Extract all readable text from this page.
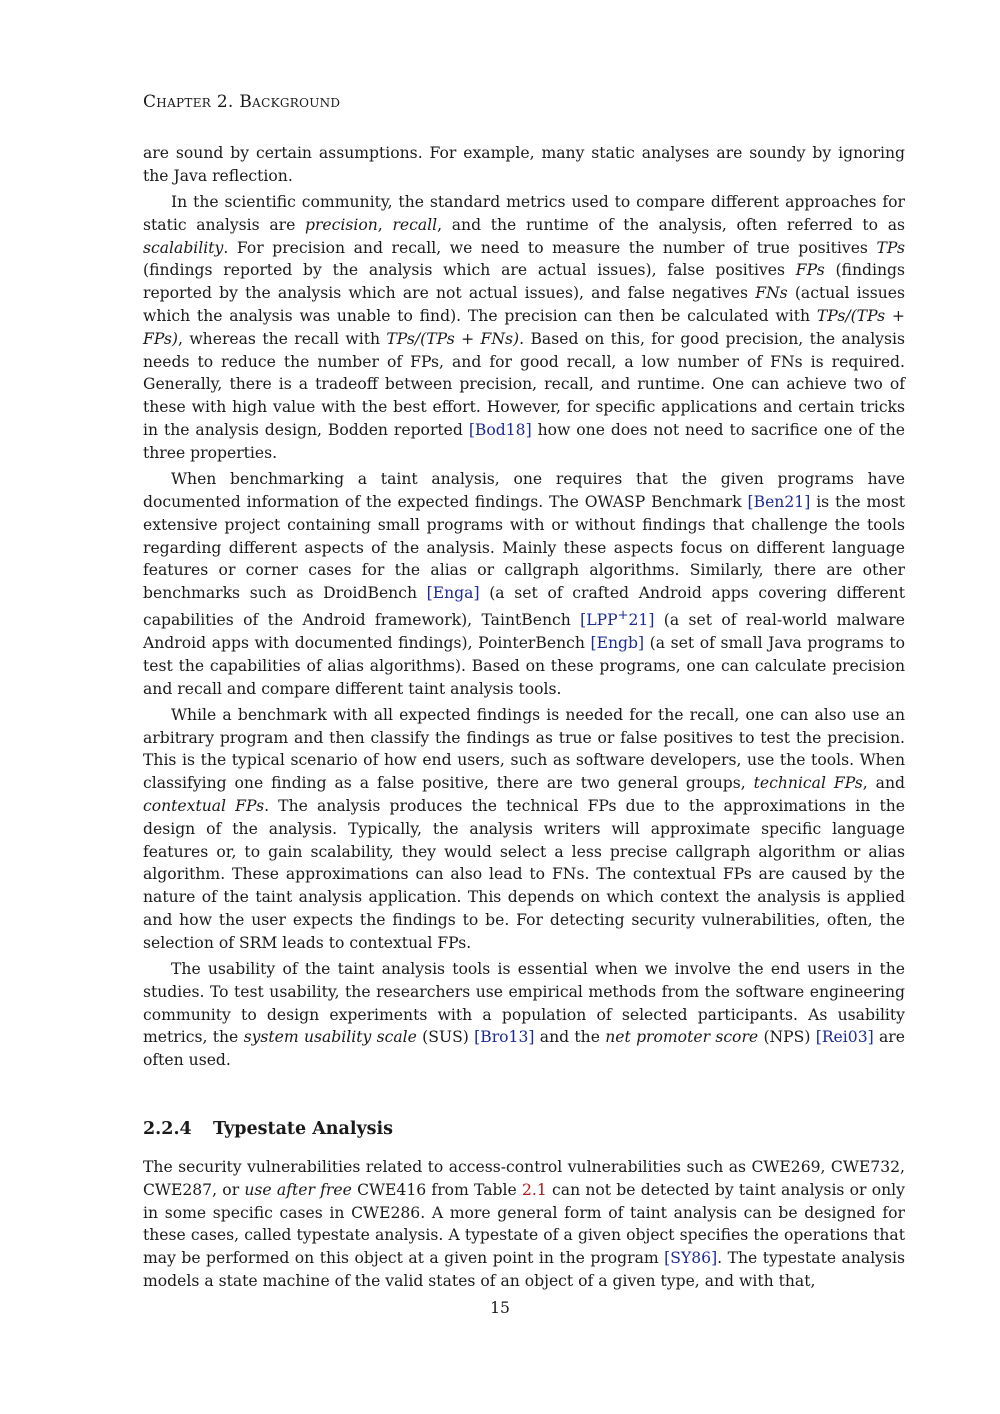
Chapter 2. Background

are sound by certain assumptions. For example, many static analyses are soundy by ignoring the Java reflection.

In the scientific community, the standard metrics used to compare different approaches for static analysis are precision, recall, and the runtime of the analysis, often referred to as scalability. For precision and recall, we need to measure the number of true positives TPs (findings reported by the analysis which are actual issues), false positives FPs (findings reported by the analysis which are not actual issues), and false negatives FNs (actual issues which the analysis was unable to find). The precision can then be calculated with TPs/(TPs + FPs), whereas the recall with TPs/(TPs + FNs). Based on this, for good precision, the analysis needs to reduce the number of FPs, and for good recall, a low number of FNs is required. Generally, there is a tradeoff between precision, recall, and runtime. One can achieve two of these with high value with the best effort. However, for specific applications and certain tricks in the analysis design, Bodden reported [Bod18] how one does not need to sacrifice one of the three properties.

When benchmarking a taint analysis, one requires that the given programs have documented information of the expected findings. The OWASP Benchmark [Ben21] is the most extensive project containing small programs with or without findings that challenge the tools regarding different aspects of the analysis. Mainly these aspects focus on different language features or corner cases for the alias or callgraph algorithms. Similarly, there are other benchmarks such as DroidBench [Enga] (a set of crafted Android apps covering different capabilities of the Android framework), TaintBench [LPP+21] (a set of real-world malware Android apps with documented findings), PointerBench [Engb] (a set of small Java programs to test the capabilities of alias algorithms). Based on these programs, one can calculate precision and recall and compare different taint analysis tools.

While a benchmark with all expected findings is needed for the recall, one can also use an arbitrary program and then classify the findings as true or false positives to test the precision. This is the typical scenario of how end users, such as software developers, use the tools. When classifying one finding as a false positive, there are two general groups, technical FPs, and contextual FPs. The analysis produces the technical FPs due to the approximations in the design of the analysis. Typically, the analysis writers will approximate specific language features or, to gain scalability, they would select a less precise callgraph algorithm or alias algorithm. These approximations can also lead to FNs. The contextual FPs are caused by the nature of the taint analysis application. This depends on which context the analysis is applied and how the user expects the findings to be. For detecting security vulnerabilities, often, the selection of SRM leads to contextual FPs.

The usability of the taint analysis tools is essential when we involve the end users in the studies. To test usability, the researchers use empirical methods from the software engineering community to design experiments with a population of selected participants. As usability metrics, the system usability scale (SUS) [Bro13] and the net promoter score (NPS) [Rei03] are often used.

2.2.4 Typestate Analysis

The security vulnerabilities related to access-control vulnerabilities such as CWE269, CWE732, CWE287, or use after free CWE416 from Table 2.1 can not be detected by taint analysis or only in some specific cases in CWE286. A more general form of taint analysis can be designed for these cases, called typestate analysis. A typestate of a given object specifies the operations that may be performed on this object at a given point in the program [SY86]. The typestate analysis models a state machine of the valid states of an object of a given type, and with that,

15
